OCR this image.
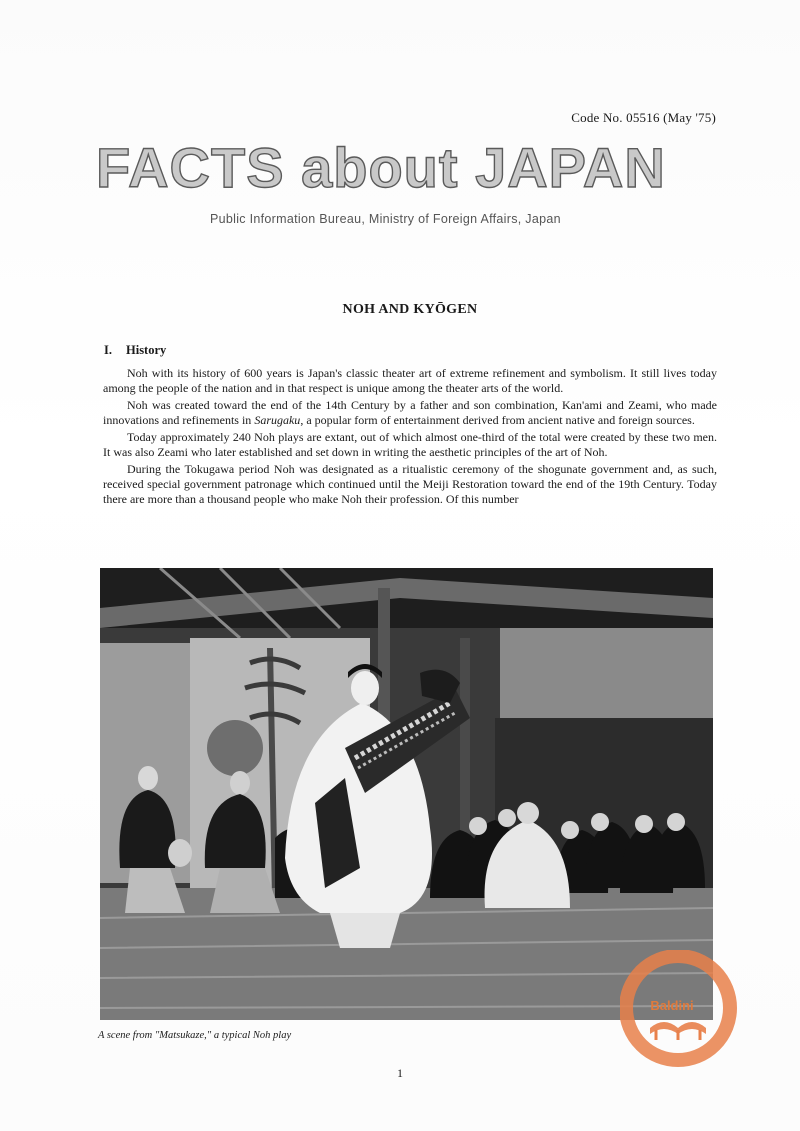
Code No. 05516 (May '75)
FACTS about JAPAN
Public Information Bureau, Ministry of Foreign Affairs, Japan
NOH AND KYŌGEN
I. History

Noh with its history of 600 years is Japan's classic theater art of extreme refinement and symbolism. It still lives today among the people of the nation and in that respect is unique among the theater arts of the world.

Noh was created toward the end of the 14th Century by a father and son combination, Kan'ami and Zeami, who made innovations and refinements in Sarugaku, a popular form of entertainment derived from ancient native and foreign sources.

Today approximately 240 Noh plays are extant, out of which almost one-third of the total were created by these two men. It was also Zeami who later established and set down in writing the aesthetic principles of the art of Noh.

During the Tokugawa period Noh was designated as a ritualistic ceremony of the shogunate government and, as such, received special government patronage which continued until the Meiji Restoration toward the end of the 19th Century. Today there are more than a thousand people who make Noh their profession. Of this number

A scene from "Matsukaze," a typical Noh play
1
Baldini
